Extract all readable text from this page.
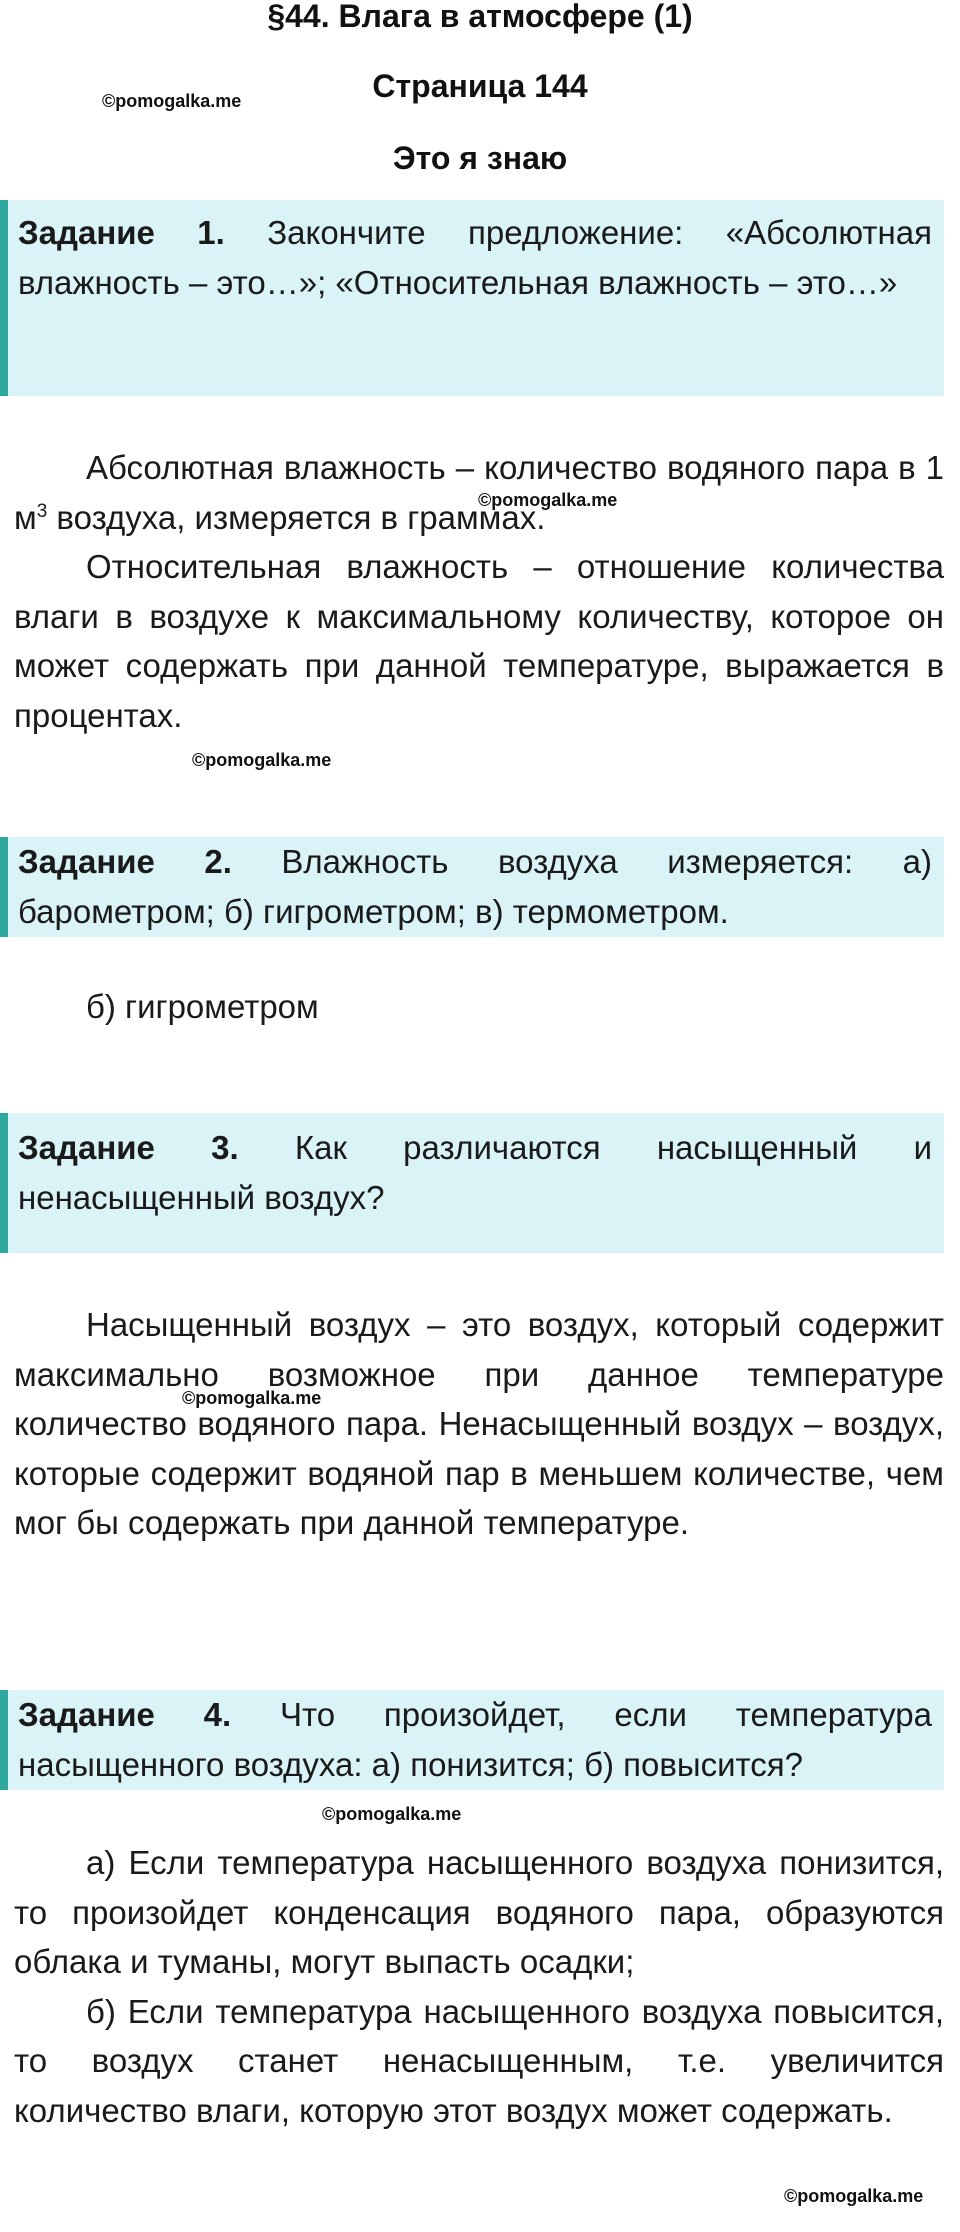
§44. Влага в атмосфере (1)
Страница 144
Это я знаю
©pomogalka.me
©pomogalka.me
©pomogalka.me
©pomogalka.me
©pomogalka.me
©pomogalka.me
Задание 1. Закончите предложение: «Абсолютная влажность – это…»; «Относительная влажность – это…»

Абсолютная влажность – количество водяного пара в 1 $м^3$ воздуха, измеряется в граммах.

Относительная влажность – отношение количества влаги в воздухе к максимальному количеству, которое он может содержать при данной температуре, выражается в процентах.

Задание 2. Влажность воздуха измеряется: а) барометром; б) гигрометром; в) термометром.

б) гигрометром

Задание 3. Как различаются насыщенный и ненасыщенный воздух?

Насыщенный воздух – это воздух, который содержит максимально возможное при данное температуре количество водяного пара. Ненасыщенный воздух – воздух, которые содержит водяной пар в меньшем количестве, чем мог бы содержать при данной температуре.

Задание 4. Что произойдет, если температура насыщенного воздуха: а) понизится; б) повысится?

а) Если температура насыщенного воздуха понизится, то произойдет конденсация водяного пара, образуются облака и туманы, могут выпасть осадки;

б) Если температура насыщенного воздуха повысится, то воздух станет ненасыщенным, т.е. увеличится количество влаги, которую этот воздух может содержать.
